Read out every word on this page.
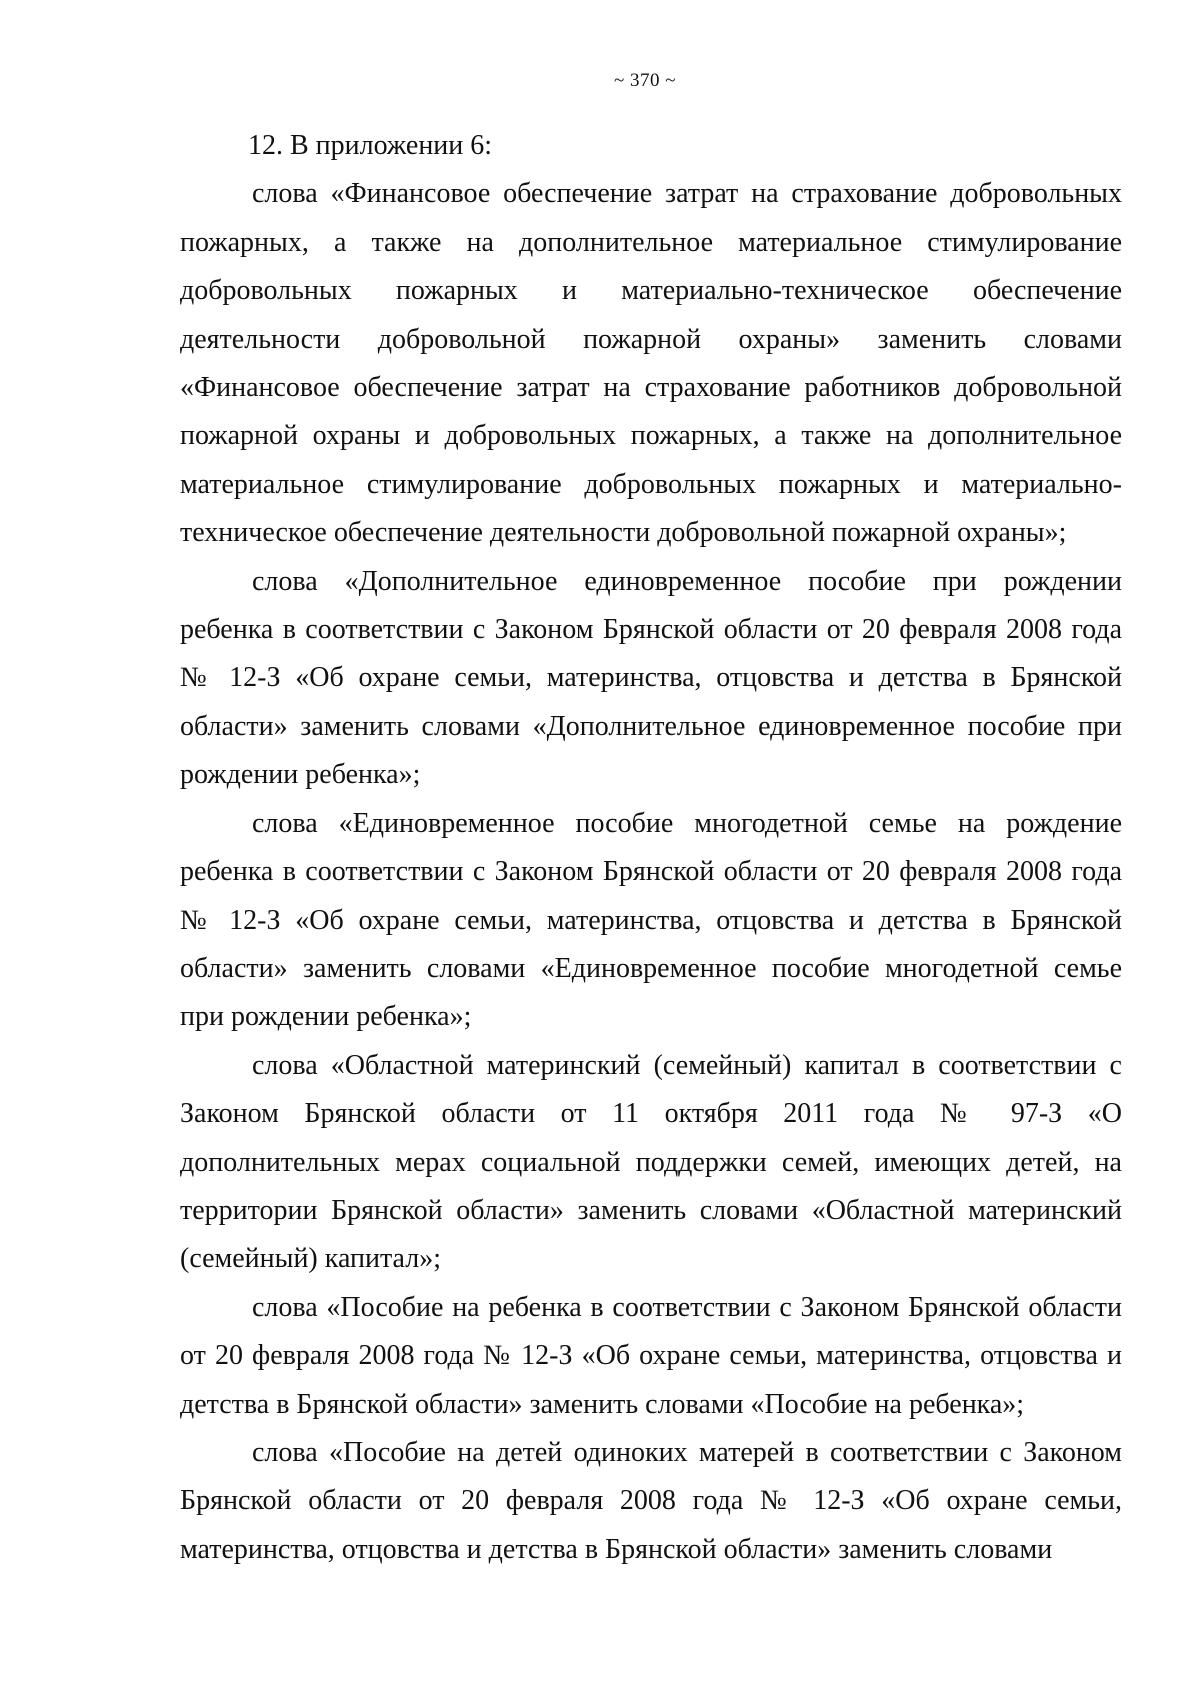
~ 370 ~

12. В приложении 6:

слова «Финансовое обеспечение затрат на страхование добровольных пожарных, а также на дополнительное материальное стимулирование добровольных пожарных и материально-техническое обеспечение деятельности добровольной пожарной охраны» заменить словами «Финансовое обеспечение затрат на страхование работников добровольной пожарной охраны и добровольных пожарных, а также на дополнительное материальное стимулирование добровольных пожарных и материально-техническое обеспечение деятельности добровольной пожарной охраны»;

слова «Дополнительное единовременное пособие при рождении ребенка в соответствии с Законом Брянской области от 20 февраля 2008 года № 12-З «Об охране семьи, материнства, отцовства и детства в Брянской области» заменить словами «Дополнительное единовременное пособие при рождении ребенка»;

слова «Единовременное пособие многодетной семье на рождение ребенка в соответствии с Законом Брянской области от 20 февраля 2008 года № 12-З «Об охране семьи, материнства, отцовства и детства в Брянской области» заменить словами «Единовременное пособие многодетной семье при рождении ребенка»;

слова «Областной материнский (семейный) капитал в соответствии с Законом Брянской области от 11 октября 2011 года № 97-З «О дополнительных мерах социальной поддержки семей, имеющих детей, на территории Брянской области» заменить словами «Областной материнский (семейный) капитал»;

слова «Пособие на ребенка в соответствии с Законом Брянской области от 20 февраля 2008 года № 12-З «Об охране семьи, материнства, отцовства и детства в Брянской области» заменить словами «Пособие на ребенка»;

слова «Пособие на детей одиноких матерей в соответствии с Законом Брянской области от 20 февраля 2008 года № 12-З «Об охране семьи, материнства, отцовства и детства в Брянской области» заменить словами
